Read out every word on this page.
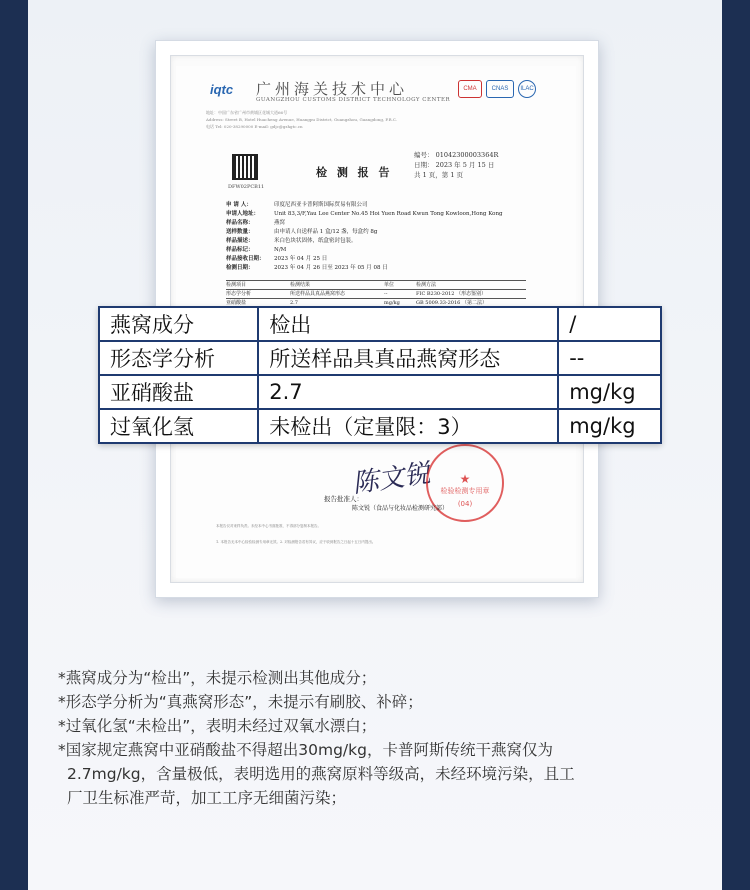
iqtc 广州海关技术中心
GUANGZHOU CUSTOMS DISTRICT TECHNOLOGY CENTER
CMA	CNAS	ILAC
地址：中国广东省广州市黄埔区花城大道66号
Address: Street B, Hotel Huacheng Avenue, Huangpu District, Guangzhou, Guangdong, P.R.C.
电话 Tel: 020-38290000 E-mail: gdjc@gzhgtc.cn
检 测 报 告
编号： 01042300003364R
日期： 2023 年 5 月 15 日
共 1 页，第 1 页
DFW02PCB11
申 请 人：	印度尼西亚卡普阿斯国际贸易有限公司
申请人地址：	Unit 83,3/F,Yau Lee Center No.45 Hoi Yuen Road Kwun Tong Kowloon,Hong Kong
样品名称：	燕窝
送样数量：	由申请人自送样品 1 盒/12 盏，每盒约 8g
样品描述：	米白色块状固体，纸盒密封包装。
样品标记：	N/M
样品接收日期： 2023 年 04 月 25 日
检测日期：	2023 年 04 月 26 日至 2023 年 05 月 08 日
检测项目	检测结果	单位	检测方法
形态学分析	所送样品具真品燕窝形态	--	FIC B230-2012 （形态鉴别）
亚硝酸盐	2.7	mg/kg	GB 5009.33-2016 （第二法）
陈文锐	★
检验检测专用章
(04)
报告批准人：
陈文锐（食品与化妆品检测研究部）
本报告仅对来样负责。未经本中心书面批准，不得部分复制本报告。
1. 本报告无本中心检验检测专用章无效。2. 对检测报告若有异议，应于收到报告之日起十五日内提出。
燕窝成分	检出	/
形态学分析	所送样品具真品燕窝形态	--
亚硝酸盐	2.7	mg/kg
过氧化氢	未检出（定量限：3）	mg/kg
*燕窝成分为“检出”，未提示检测出其他成分；
*形态学分析为“真燕窝形态”，未提示有刷胶、补碎；
*过氧化氢“未检出”，表明未经过双氧水漂白；
*国家规定燕窝中亚硝酸盐不得超出30mg/kg，卡普阿斯传统干燕窝仅为
2.7mg/kg，含量极低，表明选用的燕窝原料等级高，未经环境污染，且工
厂卫生标准严苛，加工工序无细菌污染；
